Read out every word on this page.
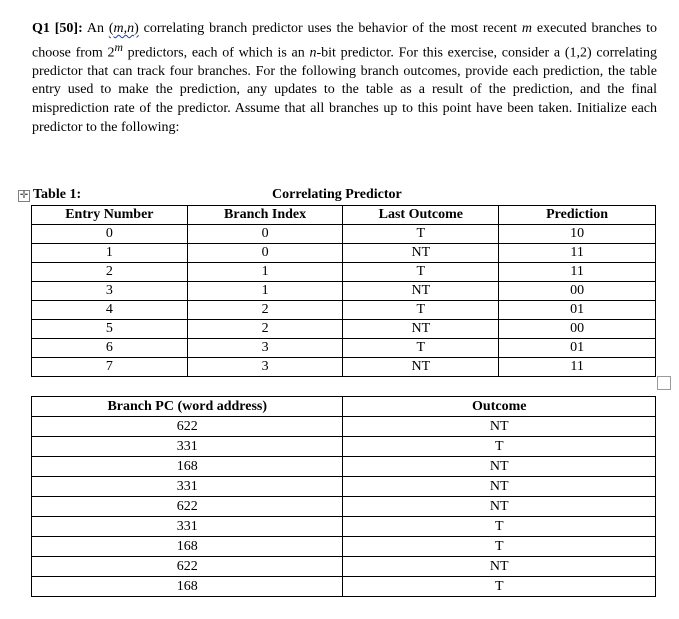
Q1 [50]: An (m,n) correlating branch predictor uses the behavior of the most recent m executed branches to choose from 2$^m$ predictors, each of which is an n-bit predictor. For this exercise, consider a (1,2) correlating predictor that can track four branches. For the following branch outcomes, provide each prediction, the table entry used to make the prediction, any updates to the table as a result of the prediction, and the final misprediction rate of the predictor. Assume that all branches up to this point have been taken. Initialize each predictor to the following:
✛ Table 1:	Correlating Predictor
Entry Number	Branch Index	Last Outcome	Prediction
0	0	T	10
1	0	NT	11
2	1	T	11
3	1	NT	00
4	2	T	01
5	2	NT	00
6	3	T	01
7	3	NT	11
Branch PC (word address)	Outcome
622	NT
331	T
168	NT
331	NT
622	NT
331	T
168	T
622	NT
168	T
